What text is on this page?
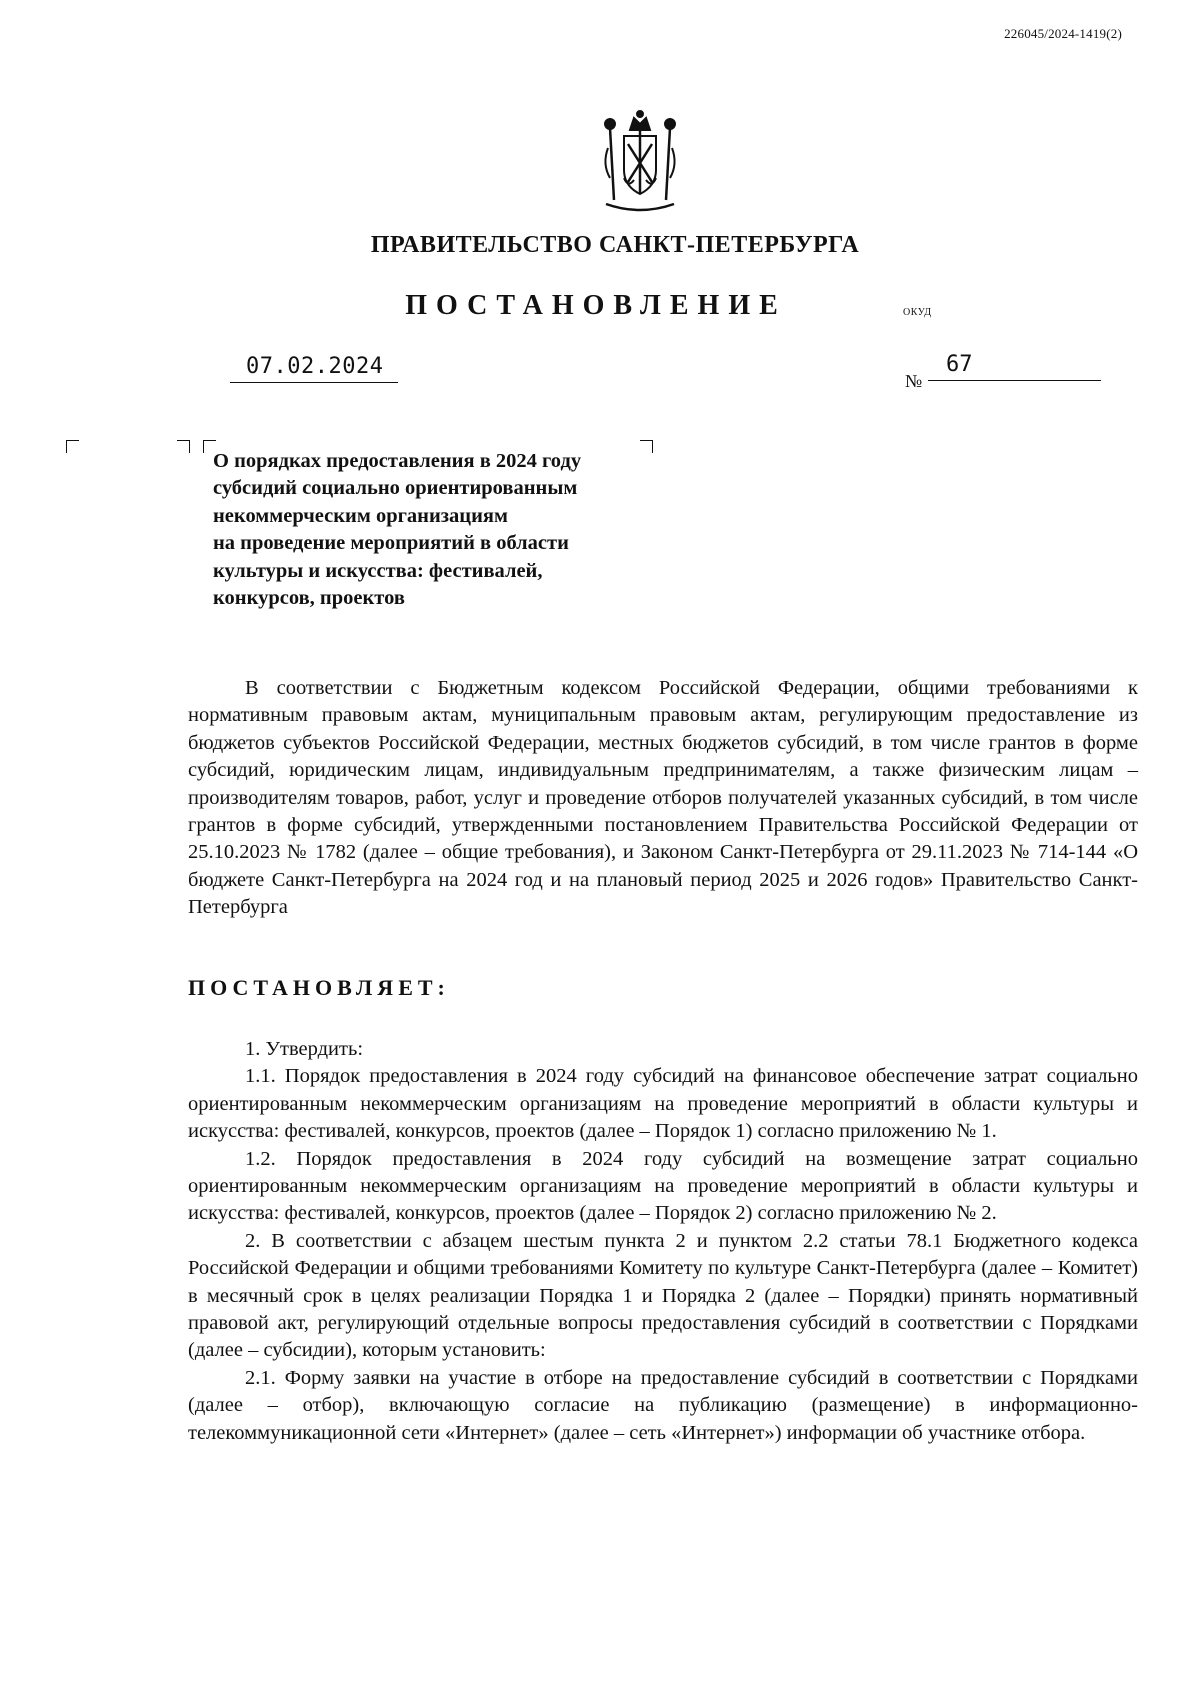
226045/2024-1419(2)
ПРАВИТЕЛЬСТВО САНКТ-ПЕТЕРБУРГА
ПОСТАНОВЛЕНИЕ	ОКУД
07.02.2024
№
67
О порядках предоставления в 2024 году
субсидий социально ориентированным
некоммерческим организациям
на проведение мероприятий в области
культуры и искусства: фестивалей,
конкурсов, проектов

В соответствии с Бюджетным кодексом Российской Федерации, общими требованиями к нормативным правовым актам, муниципальным правовым актам, регулирующим предоставление из бюджетов субъектов Российской Федерации, местных бюджетов субсидий, в том числе грантов в форме субсидий, юридическим лицам, индивидуальным предпринимателям, а также физическим лицам – производителям товаров, работ, услуг и проведение отборов получателей указанных субсидий, в том числе грантов в форме субсидий, утвержденными постановлением Правительства Российской Федерации от 25.10.2023 № 1782 (далее – общие требования), и Законом Санкт-Петербурга от 29.11.2023 № 714-144 «О бюджете Санкт-Петербурга на 2024 год и на плановый период 2025 и 2026 годов» Правительство Санкт-Петербурга

ПОСТАНОВЛЯЕТ:

1. Утвердить:

1.1. Порядок предоставления в 2024 году субсидий на финансовое обеспечение затрат социально ориентированным некоммерческим организациям на проведение мероприятий в области культуры и искусства: фестивалей, конкурсов, проектов (далее – Порядок 1) согласно приложению № 1.

1.2. Порядок предоставления в 2024 году субсидий на возмещение затрат социально ориентированным некоммерческим организациям на проведение мероприятий в области культуры и искусства: фестивалей, конкурсов, проектов (далее – Порядок 2) согласно приложению № 2.

2. В соответствии с абзацем шестым пункта 2 и пунктом 2.2 статьи 78.1 Бюджетного кодекса Российской Федерации и общими требованиями Комитету по культуре Санкт-Петербурга (далее – Комитет) в месячный срок в целях реализации Порядка 1 и Порядка 2 (далее – Порядки) принять нормативный правовой акт, регулирующий отдельные вопросы предоставления субсидий в соответствии с Порядками (далее – субсидии), которым установить:

2.1. Форму заявки на участие в отборе на предоставление субсидий в соответствии с Порядками (далее – отбор), включающую согласие на публикацию (размещение) в информационно-телекоммуникационной сети «Интернет» (далее – сеть «Интернет») информации об участнике отбора.
